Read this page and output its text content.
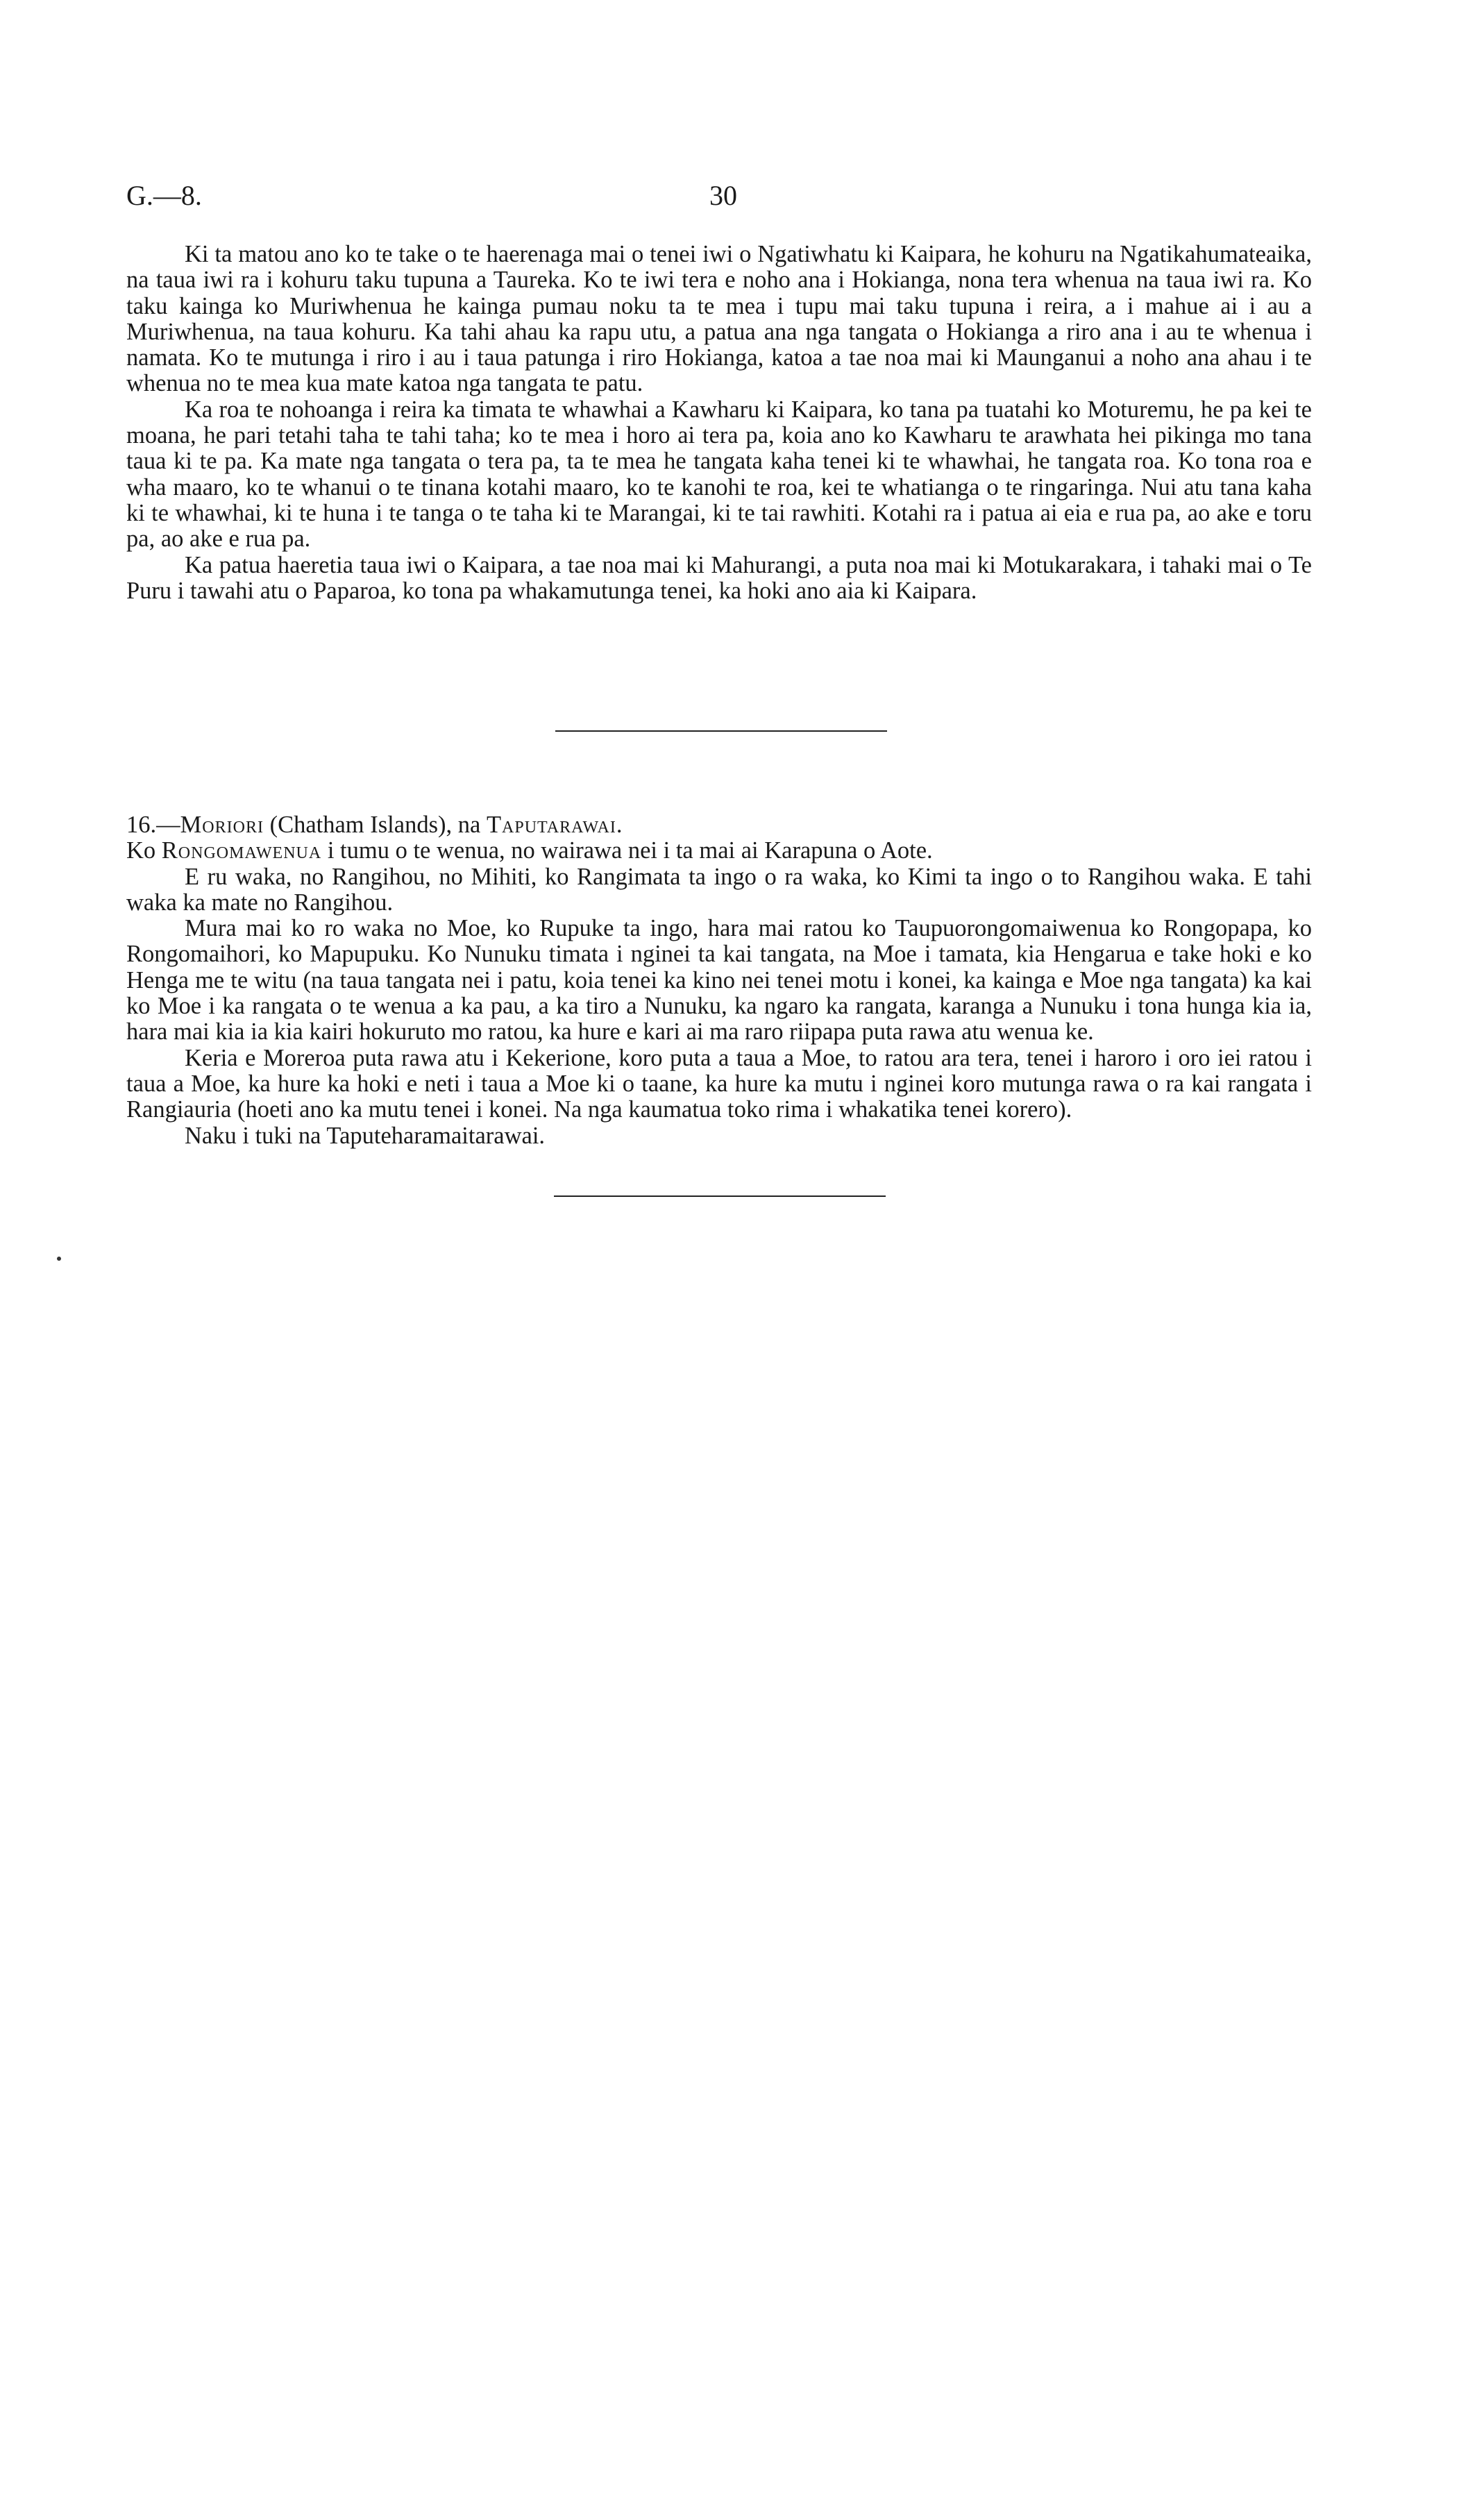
G.—8.	30

Ki ta matou ano ko te take o te haerenaga mai o tenei iwi o Ngatiwhatu ki Kaipara, he kohuru na Ngatikahumateaika, na taua iwi ra i kohuru taku tupuna a Taureka. Ko te iwi tera e noho ana i Hokianga, nona tera whenua na taua iwi ra. Ko taku kainga ko Muriwhenua he kainga pumau noku ta te mea i tupu mai taku tupuna i reira, a i mahue ai i au a Muriwhenua, na taua kohuru. Ka tahi ahau ka rapu utu, a patua ana nga tangata o Hokianga a riro ana i au te whenua i namata. Ko te mutunga i riro i au i taua patunga i riro Hokianga, katoa a tae noa mai ki Maunganui a noho ana ahau i te whenua no te mea kua mate katoa nga tangata te patu.

Ka roa te nohoanga i reira ka timata te whawhai a Kawharu ki Kaipara, ko tana pa tuatahi ko Moturemu, he pa kei te moana, he pari tetahi taha te tahi taha; ko te mea i horo ai tera pa, koia ano ko Kawharu te arawhata hei pikinga mo tana taua ki te pa. Ka mate nga tangata o tera pa, ta te mea he tangata kaha tenei ki te whawhai, he tangata roa. Ko tona roa e wha maaro, ko te whanui o te tinana kotahi maaro, ko te kanohi te roa, kei te whatianga o te ringaringa. Nui atu tana kaha ki te whawhai, ki te huna i te tanga o te taha ki te Marangai, ki te tai rawhiti. Kotahi ra i patua ai eia e rua pa, ao ake e toru pa, ao ake e rua pa.

Ka patua haeretia taua iwi o Kaipara, a tae noa mai ki Mahurangi, a puta noa mai ki Motukarakara, i tahaki mai o Te Puru i tawahi atu o Paparoa, ko tona pa whakamutunga tenei, ka hoki ano aia ki Kaipara.

16.—Moriori (Chatham Islands), na Taputarawai.

Ko Rongomawenua i tumu o te wenua, no wairawa nei i ta mai ai Karapuna o Aote.

E ru waka, no Rangihou, no Mihiti, ko Rangimata ta ingo o ra waka, ko Kimi ta ingo o to Rangihou waka. E tahi waka ka mate no Rangihou.

Mura mai ko ro waka no Moe, ko Rupuke ta ingo, hara mai ratou ko Taupuorongomaiwenua ko Rongopapa, ko Rongomaihori, ko Mapupuku. Ko Nunuku timata i nginei ta kai tangata, na Moe i tamata, kia Hengarua e take hoki e ko Henga me te witu (na taua tangata nei i patu, koia tenei ka kino nei tenei motu i konei, ka kainga e Moe nga tangata) ka kai ko Moe i ka rangata o te wenua a ka pau, a ka tiro a Nunuku, ka ngaro ka rangata, karanga a Nunuku i tona hunga kia ia, hara mai kia ia kia kairi hokuruto mo ratou, ka hure e kari ai ma raro riipapa puta rawa atu wenua ke.

Keria e Moreroa puta rawa atu i Kekerione, koro puta a taua a Moe, to ratou ara tera, tenei i haroro i oro iei ratou i taua a Moe, ka hure ka hoki e neti i taua a Moe ki o taane, ka hure ka mutu i nginei koro mutunga rawa o ra kai rangata i Rangiauria (hoeti ano ka mutu tenei i konei. Na nga kaumatua toko rima i whakatika tenei korero).

Naku i tuki na Taputeharamaitarawai.
